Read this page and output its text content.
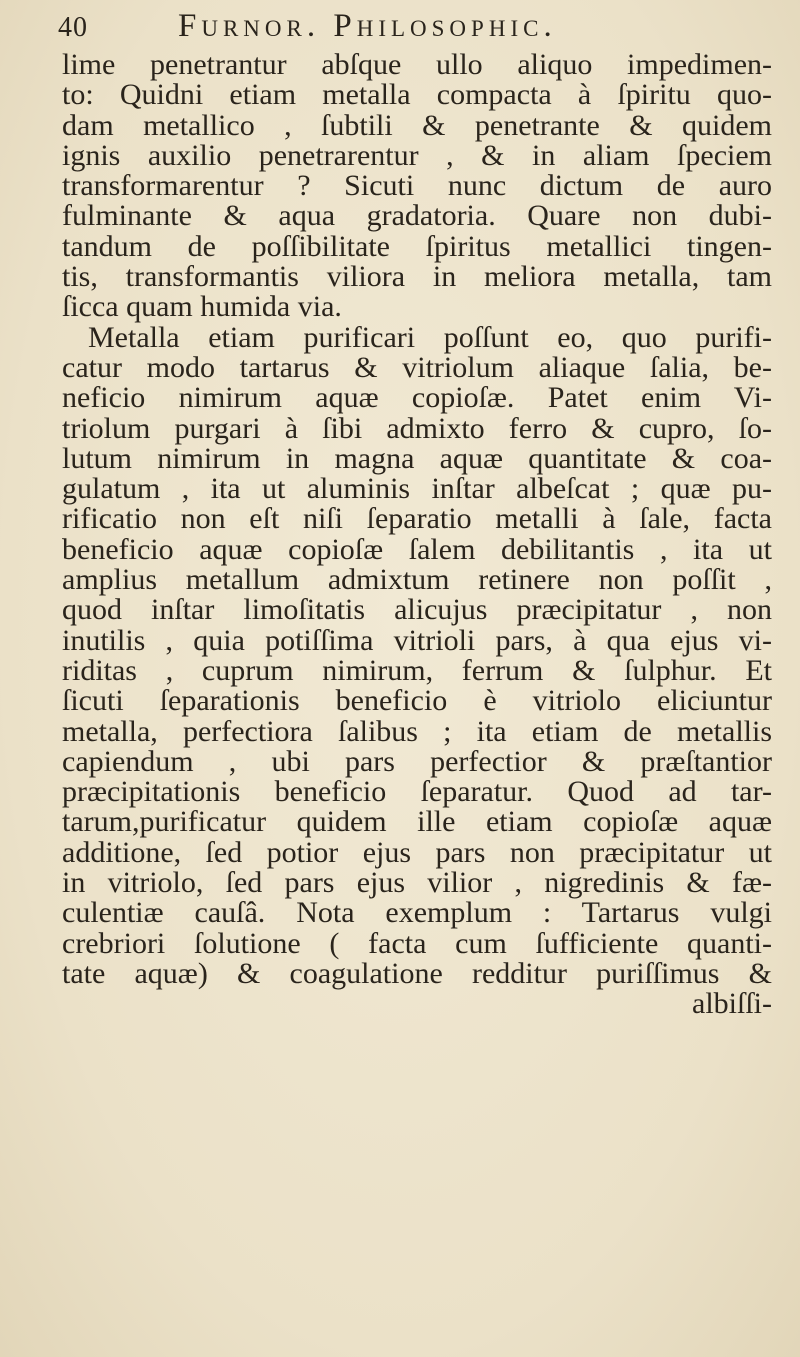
40	Furnor. Philosophic.
lime penetrantur abſque ullo aliquo impedimen-
to: Quidni etiam metalla compacta à ſpiritu quo-
dam metallico , ſubtili & penetrante & quidem
ignis auxilio penetrarentur , & in aliam ſpeciem
transformarentur ? Sicuti nunc dictum de auro
fulminante & aqua gradatoria. Quare non dubi-
tandum de poſſibilitate ſpiritus metallici tingen-
tis, transformantis viliora in meliora metalla, tam
ſicca quam humida via.
Metalla etiam purificari poſſunt eo, quo purifi-
catur modo tartarus & vitriolum aliaque ſalia, be-
neficio nimirum aquæ copioſæ. Patet enim Vi-
triolum purgari à ſibi admixto ferro & cupro, ſo-
lutum nimirum in magna aquæ quantitate & coa-
gulatum , ita ut aluminis inſtar albeſcat ; quæ pu-
rificatio non eſt niſi ſeparatio metalli à ſale, facta
beneficio aquæ copioſæ ſalem debilitantis , ita ut
amplius metallum admixtum retinere non poſſit ,
quod inſtar limoſitatis alicujus præcipitatur , non
inutilis , quia potiſſima vitrioli pars, à qua ejus vi-
riditas , cuprum nimirum, ferrum & ſulphur. Et
ſicuti ſeparationis beneficio è vitriolo eliciuntur
metalla, perfectiora ſalibus ; ita etiam de metallis
capiendum , ubi pars perfectior & præſtantior
præcipitationis beneficio ſeparatur. Quod ad tar-
tarum,purificatur quidem ille etiam copioſæ aquæ
additione, ſed potior ejus pars non præcipitatur ut
in vitriolo, ſed pars ejus vilior , nigredinis & fæ-
culentiæ cauſâ. Nota exemplum : Tartarus vulgi
crebriori ſolutione ( facta cum ſufficiente quanti-
tate aquæ) & coagulatione redditur puriſſimus &
albiſſi-
